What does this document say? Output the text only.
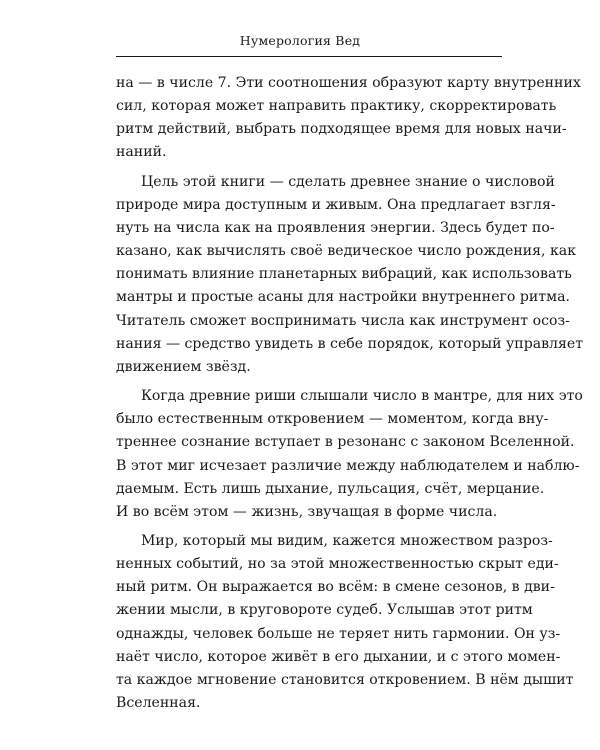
Нумерология Вед
на — в числе 7. Эти соотношения образуют карту внутренних
сил, которая может направить практику, скорректировать
ритм действий, выбрать подходящее время для новых начи-
наний.
Цель этой книги — сделать древнее знание о числовой
природе мира доступным и живым. Она предлагает взгля-
нуть на числа как на проявления энергии. Здесь будет по-
казано, как вычислять своё ведическое число рождения, как
понимать влияние планетарных вибраций, как использовать
мантры и простые асаны для настройки внутреннего ритма.
Читатель сможет воспринимать числа как инструмент осоз-
нания — средство увидеть в себе порядок, который управляет
движением звёзд.
Когда древние риши слышали число в мантре, для них это
было естественным откровением — моментом, когда вну-
треннее сознание вступает в резонанс с законом Вселенной.
В этот миг исчезает различие между наблюдателем и наблю-
даемым. Есть лишь дыхание, пульсация, счёт, мерцание.
И во всём этом — жизнь, звучащая в форме числа.
Мир, который мы видим, кажется множеством разроз-
ненных событий, но за этой множественностью скрыт еди-
ный ритм. Он выражается во всём: в смене сезонов, в дви-
жении мысли, в круговороте судеб. Услышав этот ритм
однажды, человек больше не теряет нить гармонии. Он уз-
наёт число, которое живёт в его дыхании, и с этого момен-
та каждое мгновение становится откровением. В нём дышит
Вселенная.
